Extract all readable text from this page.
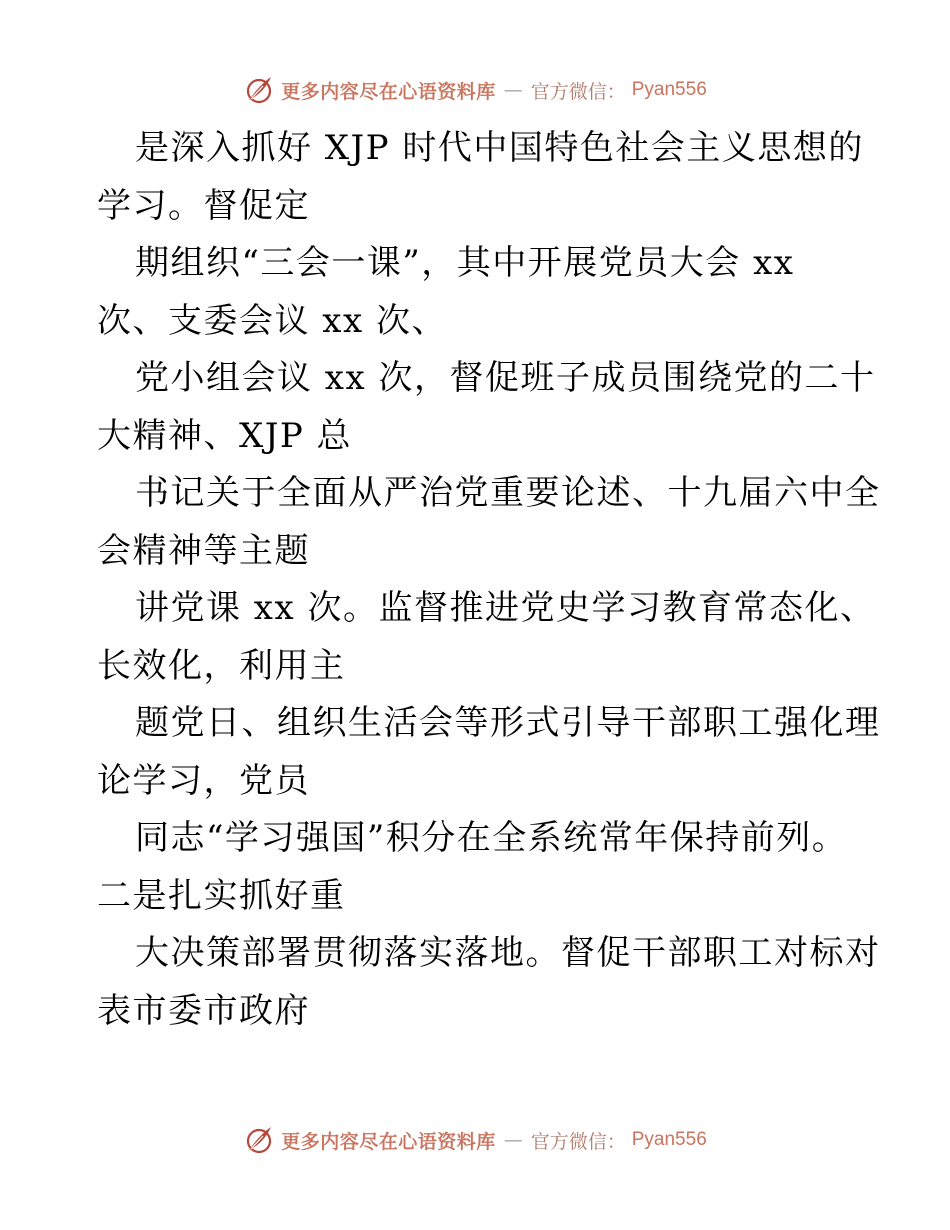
更多内容尽在心语资料库 — 官方微信： Pyan556
是深入抓好 XJP 时代中国特色社会主义思想的
学习。督促定
期组织“三会一课”，其中开展党员大会 xx
次、支委会议 xx 次、
党小组会议 xx 次，督促班子成员围绕党的二十
大精神、XJP 总
书记关于全面从严治党重要论述、十九届六中全
会精神等主题
讲党课 xx 次。监督推进党史学习教育常态化、
长效化，利用主
题党日、组织生活会等形式引导干部职工强化理
论学习，党员
同志“学习强国”积分在全系统常年保持前列。
二是扎实抓好重
大决策部署贯彻落实落地。督促干部职工对标对
表市委市政府
更多内容尽在心语资料库 — 官方微信： Pyan556
